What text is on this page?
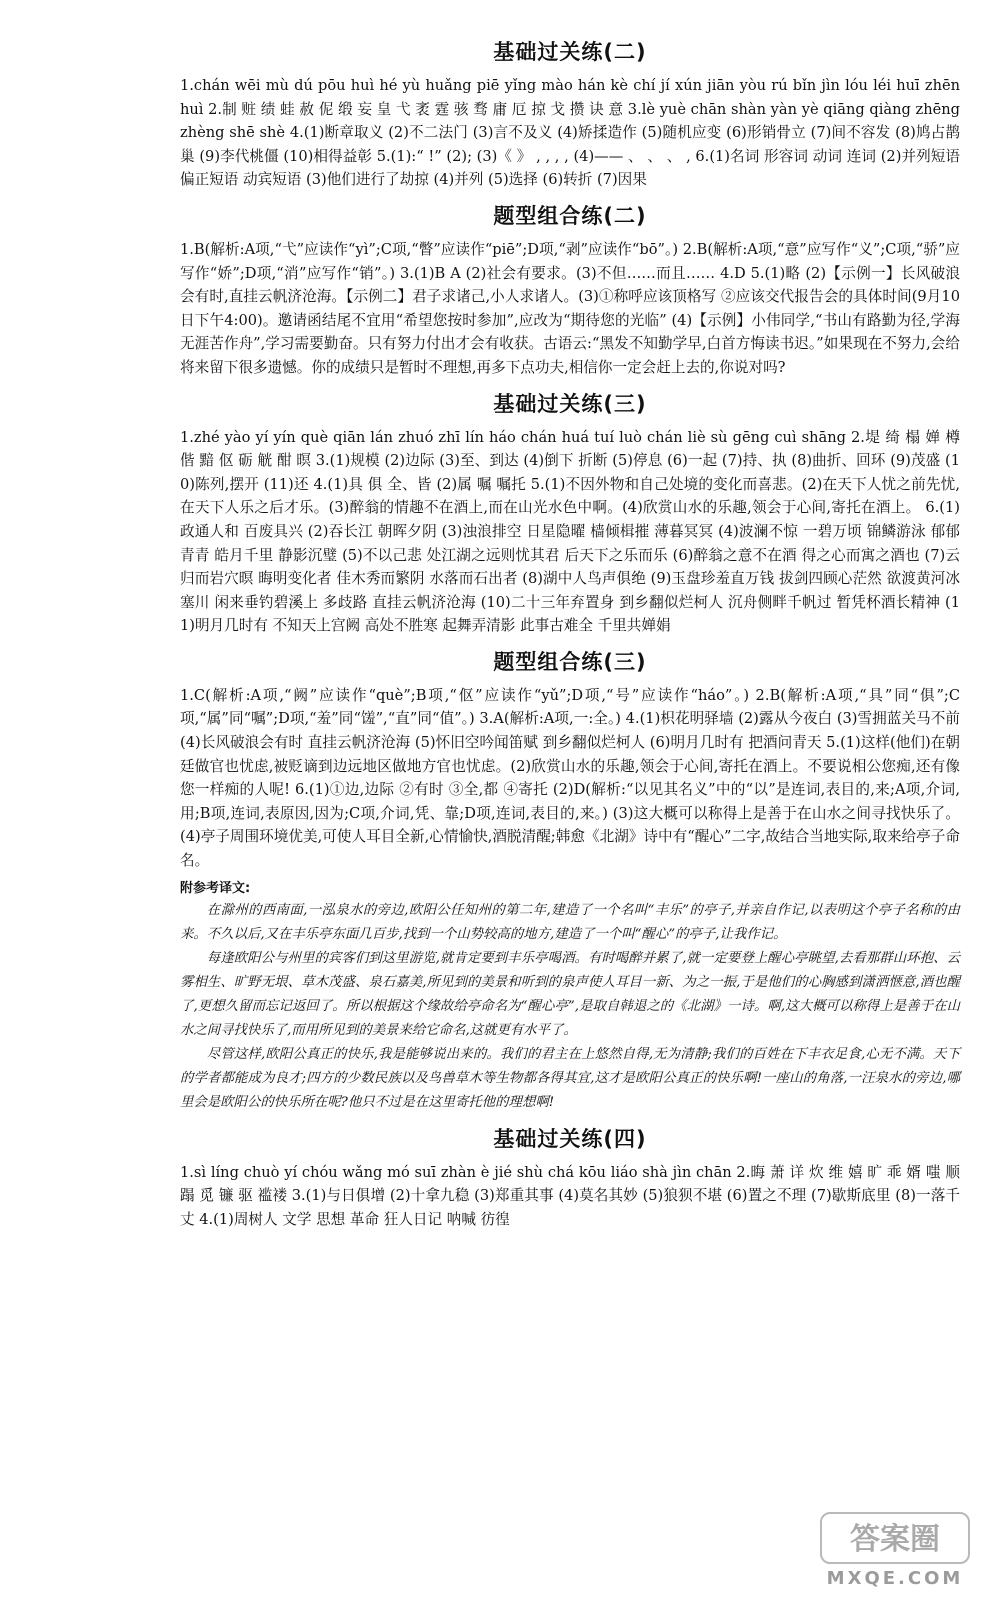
基础过关练(二)

1.chán wēi mù dú pōu huì hé yù huǎng piē yǐng mào hán kè chí jí xún jiān yòu rú bǐn jìn lóu léi huī zhēn huì 2.制 赃 绩 蛙 赦 伲 缎 妄 皇 弋 袤 霆 骇 骛 庸 厄 掠 戈 攒 诀 意 3.lè yuè chān shàn yàn yè qiāng qiàng zhēng zhèng shē shè 4.(1)断章取义 (2)不二法门 (3)言不及义 (4)矫揉造作 (5)随机应变 (6)形销骨立 (7)间不容发 (8)鸠占鹊巢 (9)李代桃僵 (10)相得益彰 5.(1):“ !” (2); (3)《 》 , , , , (4)—— 、 、 、 , 6.(1)名词 形容词 动词 连词 (2)并列短语 偏正短语 动宾短语 (3)他们进行了劫掠 (4)并列 (5)选择 (6)转折 (7)因果

题型组合练(二)

1.B(解析:A项,“弋”应读作“yì”;C项,“瞥”应读作“piē”;D项,“剥”应读作“bō”。) 2.B(解析:A项,“意”应写作“义”;C项,“骄”应写作“娇”;D项,“消”应写作“销”。) 3.(1)B A (2)社会有要求。(3)不但……而且…… 4.D 5.(1)略 (2)【示例一】长风破浪会有时,直挂云帆济沧海。【示例二】君子求诸己,小人求诸人。(3)①称呼应该顶格写 ②应该交代报告会的具体时间(9月10日下午4:00)。邀请函结尾不宜用“希望您按时参加”,应改为“期待您的光临” (4)【示例】小伟同学,“书山有路勤为径,学海无涯苦作舟”,学习需要勤奋。只有努力付出才会有收获。古语云:“黑发不知勤学早,白首方悔读书迟。”如果现在不努力,会给将来留下很多遗憾。你的成绩只是暂时不理想,再多下点功夫,相信你一定会赶上去的,你说对吗?

基础过关练(三)

1.zhé yào yí yín què qiān lán zhuó zhī lín háo chán huá tuí luò chán liè sù gēng cuì shāng 2.堤 绮 榻 婵 樽 偕 黯 伛 砺 觥 酣 暝 3.(1)规模 (2)边际 (3)至、到达 (4)倒下 折断 (5)停息 (6)一起 (7)持、执 (8)曲折、回环 (9)茂盛 (10)陈列,摆开 (11)还 4.(1)具 俱 全、皆 (2)属 嘱 嘱托 5.(1)不因外物和自己处境的变化而喜悲。(2)在天下人忧之前先忧,在天下人乐之后才乐。(3)醉翁的情趣不在酒上,而在山光水色中啊。(4)欣赏山水的乐趣,领会于心间,寄托在酒上。 6.(1)政通人和 百废具兴 (2)吞长江 朝晖夕阴 (3)浊浪排空 日星隐曜 樯倾楫摧 薄暮冥冥 (4)波澜不惊 一碧万顷 锦鳞游泳 郁郁青青 皓月千里 静影沉璧 (5)不以己悲 处江湖之远则忧其君 后天下之乐而乐 (6)醉翁之意不在酒 得之心而寓之酒也 (7)云归而岩穴暝 晦明变化者 佳木秀而繁阴 水落而石出者 (8)湖中人鸟声俱绝 (9)玉盘珍羞直万钱 拔剑四顾心茫然 欲渡黄河冰塞川 闲来垂钓碧溪上 多歧路 直挂云帆济沧海 (10)二十三年弃置身 到乡翻似烂柯人 沉舟侧畔千帆过 暂凭杯酒长精神 (11)明月几时有 不知天上宫阙 高处不胜寒 起舞弄清影 此事古难全 千里共婵娟

题型组合练(三)

1.C(解析:A项,“阙”应读作“què”;B项,“伛”应读作“yǔ”;D项,“号”应读作“háo”。) 2.B(解析:A项,“具”同“俱”;C项,“属”同“嘱”;D项,“羞”同“馐”,“直”同“值”。) 3.A(解析:A项,一:全。) 4.(1)枳花明驿墙 (2)露从今夜白 (3)雪拥蓝关马不前 (4)长风破浪会有时 直挂云帆济沧海 (5)怀旧空吟闻笛赋 到乡翻似烂柯人 (6)明月几时有 把酒问青天 5.(1)这样(他们)在朝廷做官也忧虑,被贬谪到边远地区做地方官也忧虑。(2)欣赏山水的乐趣,领会于心间,寄托在酒上。不要说相公您痴,还有像您一样痴的人呢! 6.(1)①边,边际 ②有时 ③全,都 ④寄托 (2)D(解析:“以见其名义”中的“以”是连词,表目的,来;A项,介词,用;B项,连词,表原因,因为;C项,介词,凭、靠;D项,连词,表目的,来。) (3)这大概可以称得上是善于在山水之间寻找快乐了。(4)亭子周围环境优美,可使人耳目全新,心情愉快,酒脱清醒;韩愈《北湖》诗中有“醒心”二字,故结合当地实际,取来给亭子命名。

附参考译文:

在滁州的西南面,一泓泉水的旁边,欧阳公任知州的第二年,建造了一个名叫“丰乐”的亭子,并亲自作记,以表明这个亭子名称的由来。不久以后,又在丰乐亭东面几百步,找到一个山势较高的地方,建造了一个叫“醒心”的亭子,让我作记。

每逢欧阳公与州里的宾客们到这里游览,就肯定要到丰乐亭喝酒。有时喝醉并累了,就一定要登上醒心亭眺望,去看那群山环抱、云雾相生、旷野无垠、草木茂盛、泉石嘉美,所见到的美景和听到的泉声使人耳目一新、为之一振,于是他们的心胸感到潇洒惬意,酒也醒了,更想久留而忘记返回了。所以根据这个缘故给亭命名为“醒心亭”,是取自韩退之的《北湖》一诗。啊,这大概可以称得上是善于在山水之间寻找快乐了,而用所见到的美景来给它命名,这就更有水平了。

尽管这样,欧阳公真正的快乐,我是能够说出来的。我们的君主在上悠然自得,无为清静;我们的百姓在下丰衣足食,心无不满。天下的学者都能成为良才;四方的少数民族以及鸟兽草木等生物都各得其宜,这才是欧阳公真正的快乐啊!一座山的角落,一汪泉水的旁边,哪里会是欧阳公的快乐所在呢?他只不过是在这里寄托他的理想啊!

基础过关练(四)

1.sì líng chuò yí chóu wǎng mó suī zhàn è jié shù chá kōu liáo shà jìn chān 2.晦 萧 详 炊 维 嬉 旷 乖 婿 嗤 顺 蹋 觅 镰 驱 褴褛 3.(1)与日俱增 (2)十拿九稳 (3)郑重其事 (4)莫名其妙 (5)狼狈不堪 (6)置之不理 (7)歇斯底里 (8)一落千丈 4.(1)周树人 文学 思想 革命 狂人日记 呐喊 彷徨

答案圈
MXQE.COM
